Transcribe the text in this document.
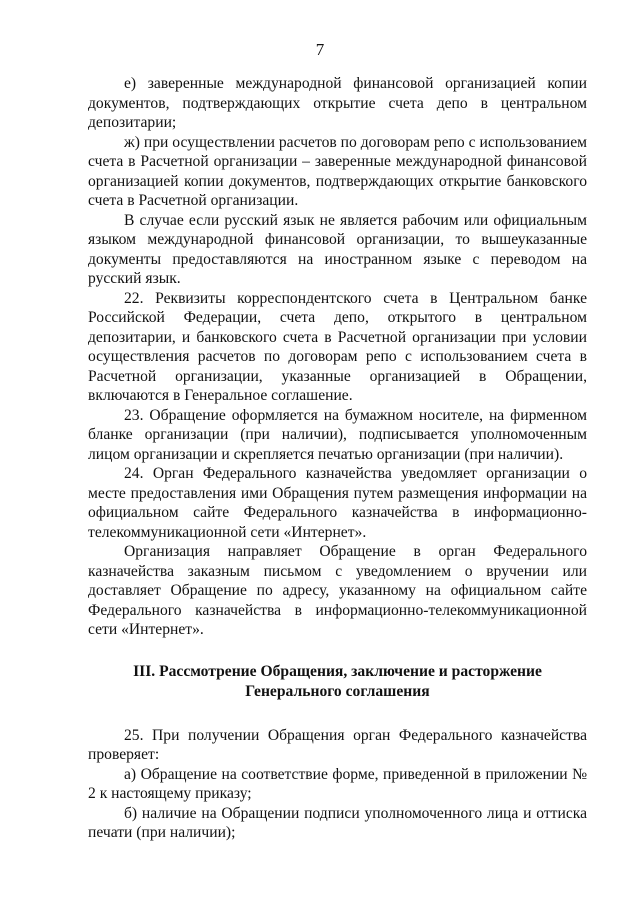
7

е) заверенные международной финансовой организацией копии документов, подтверждающих открытие счета депо в центральном депозитарии;

ж) при осуществлении расчетов по договорам репо с использованием счета в Расчетной организации – заверенные международной финансовой организацией копии документов, подтверждающих открытие банковского счета в Расчетной организации.

В случае если русский язык не является рабочим или официальным языком международной финансовой организации, то вышеуказанные документы предоставляются на иностранном языке с переводом на русский язык.

22. Реквизиты корреспондентского счета в Центральном банке Российской Федерации, счета депо, открытого в центральном депозитарии, и банковского счета в Расчетной организации при условии осуществления расчетов по договорам репо с использованием счета в Расчетной организации, указанные организацией в Обращении, включаются в Генеральное соглашение.

23. Обращение оформляется на бумажном носителе, на фирменном бланке организации (при наличии), подписывается уполномоченным лицом организации и скрепляется печатью организации (при наличии).

24. Орган Федерального казначейства уведомляет организации о месте предоставления ими Обращения путем размещения информации на официальном сайте Федерального казначейства в информационно-телекоммуникационной сети «Интернет».

Организация направляет Обращение в орган Федерального казначейства заказным письмом с уведомлением о вручении или доставляет Обращение по адресу, указанному на официальном сайте Федерального казначейства в информационно-телекоммуникационной сети «Интернет».

III. Рассмотрение Обращения, заключение и расторжение
Генерального соглашения

25. При получении Обращения орган Федерального казначейства проверяет:

а) Обращение на соответствие форме, приведенной в приложении № 2 к настоящему приказу;

б) наличие на Обращении подписи уполномоченного лица и оттиска печати (при наличии);
